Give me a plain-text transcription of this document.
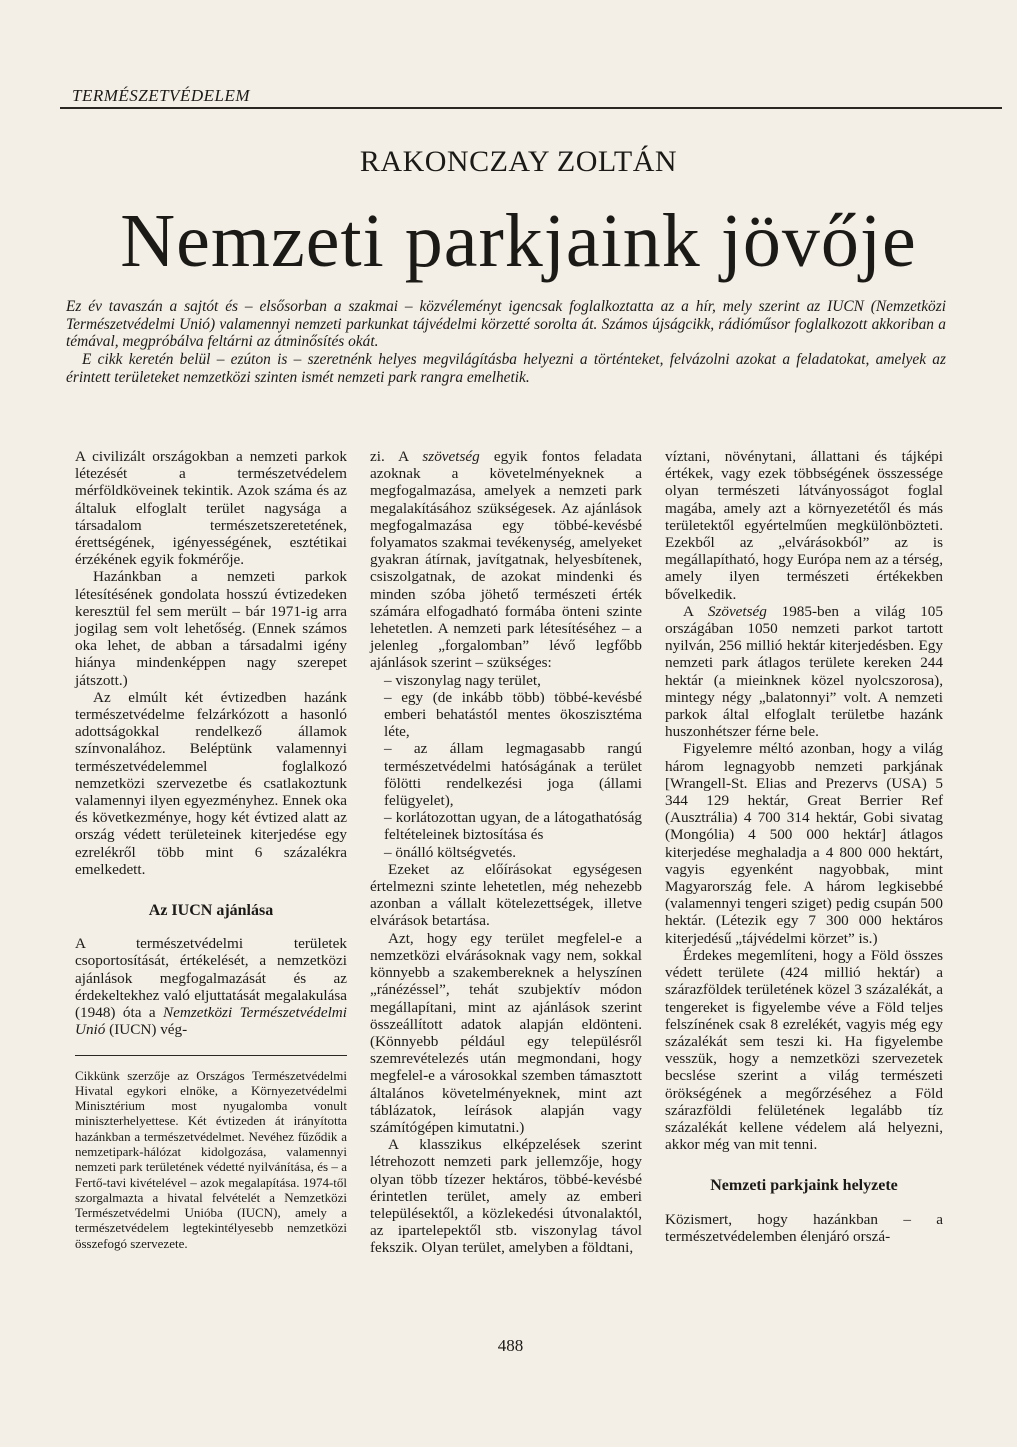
TERMÉSZETVÉDELEM
RAKONCZAY ZOLTÁN
Nemzeti parkjaink jövője

Ez év tavaszán a sajtót és – elsősorban a szakmai – közvéleményt igencsak foglalkoztatta az a hír, mely szerint az IUCN (Nemzetközi Természetvédelmi Unió) valamennyi nemzeti parkunkat tájvédelmi körzetté sorolta át. Számos újságcikk, rádióműsor foglalkozott akkoriban a témával, megpróbálva feltárni az átminősítés okát.

E cikk keretén belül – ezúton is – szeretnénk helyes megvilágításba helyezni a történteket, felvázolni azokat a feladatokat, amelyek az érintett területeket nemzetközi szinten ismét nemzeti park rangra emelhetik.

A civilizált országokban a nemzeti parkok létezését a természetvédelem mérföldköveinek tekintik. Azok száma és az általuk elfoglalt terület nagysága a társadalom természetszeretetének, érettségének, igényességének, esztétikai érzékének egyik fokmérője.

Hazánkban a nemzeti parkok létesítésének gondolata hosszú évtizedeken keresztül fel sem merült – bár 1971-ig arra jogilag sem volt lehetőség. (Ennek számos oka lehet, de abban a társadalmi igény hiánya mindenképpen nagy szerepet játszott.)

Az elmúlt két évtizedben hazánk természetvédelme felzárkózott a hasonló adottságokkal rendelkező államok színvonalához. Beléptünk valamennyi természetvédelemmel foglalkozó nemzetközi szervezetbe és csatlakoztunk valamennyi ilyen egyezményhez. Ennek oka és következménye, hogy két évtized alatt az ország védett területeinek kiterjedése egy ezrelékről több mint 6 százalékra emelkedett.

Az IUCN ajánlása

A természetvédelmi területek csoportosítását, értékelését, a nemzetközi ajánlások megfogalmazását és az érdekeltekhez való eljuttatását megalakulása (1948) óta a Nemzetközi Természetvédelmi Unió (IUCN) vég-

Cikkünk szerzője az Országos Természetvédelmi Hivatal egykori elnöke, a Környezetvédelmi Minisztérium most nyugalomba vonult miniszterhelyettese. Két évtizeden át irányította hazánkban a természetvédelmet. Nevéhez fűződik a nemzetipark-hálózat kidolgozása, valamennyi nemzeti park területének védetté nyilvánítása, és – a Fertő-tavi kivételével – azok megalapítása. 1974-től szorgalmazta a hivatal felvételét a Nemzetközi Természetvédelmi Unióba (IUCN), amely a természetvédelem legtekintélyesebb nemzetközi összefogó szervezete.

zi. A szövetség egyik fontos feladata azoknak a követelményeknek a megfogalmazása, amelyek a nemzeti park megalakításához szükségesek. Az ajánlások megfogalmazása egy többé-kevésbé folyamatos szakmai tevékenység, amelyeket gyakran átírnak, javítgatnak, helyesbítenek, csiszolgatnak, de azokat mindenki és minden szóba jöhető természeti érték számára elfogadható formába önteni szinte lehetetlen. A nemzeti park létesítéséhez – a jelenleg „forgalomban” lévő legfőbb ajánlások szerint – szükséges:

– viszonylag nagy terület,

– egy (de inkább több) többé-kevésbé emberi behatástól mentes ökoszisztéma léte,

– az állam legmagasabb rangú természetvédelmi hatóságának a terület fölötti rendelkezési joga (állami felügyelet),

– korlátozottan ugyan, de a látogathatóság feltételeinek biztosítása és

– önálló költségvetés.

Ezeket az előírásokat egységesen értelmezni szinte lehetetlen, még nehezebb azonban a vállalt kötelezettségek, illetve elvárások betartása.

Azt, hogy egy terület megfelel-e a nemzetközi elvárásoknak vagy nem, sokkal könnyebb a szakembereknek a helyszínen „ránézéssel”, tehát szubjektív módon megállapítani, mint az ajánlások szerint összeállított adatok alapján eldönteni. (Könnyebb például egy településről szemrevételezés után megmondani, hogy megfelel-e a városokkal szemben támasztott általános követelményeknek, mint azt táblázatok, leírások alapján vagy számítógépen kimutatni.)

A klasszikus elképzelések szerint létrehozott nemzeti park jellemzője, hogy olyan több tízezer hektáros, többé-kevésbé érintetlen terület, amely az emberi településektől, a közlekedési útvonalaktól, az ipartelepektől stb. viszonylag távol fekszik. Olyan terület, amelyben a földtani,

víztani, növénytani, állattani és tájképi értékek, vagy ezek többségének összessége olyan természeti látványosságot foglal magába, amely azt a környezetétől és más területektől egyértelműen megkülönbözteti. Ezekből az „elvárásokból” az is megállapítható, hogy Európa nem az a térség, amely ilyen természeti értékekben bővelkedik.

A Szövetség 1985-ben a világ 105 országában 1050 nemzeti parkot tartott nyilván, 256 millió hektár kiterjedésben. Egy nemzeti park átlagos területe kereken 244 hektár (a mieinknek közel nyolcszorosa), mintegy négy „balatonnyi” volt. A nemzeti parkok által elfoglalt területbe hazánk huszonhétszer férne bele.

Figyelemre méltó azonban, hogy a világ három legnagyobb nemzeti parkjának [Wrangell-St. Elias and Prezervs (USA) 5 344 129 hektár, Great Berrier Ref (Ausztrália) 4 700 314 hektár, Gobi sivatag (Mongólia) 4 500 000 hektár] átlagos kiterjedése meghaladja a 4 800 000 hektárt, vagyis egyenként nagyobbak, mint Magyarország fele. A három legkisebbé (valamennyi tengeri sziget) pedig csupán 500 hektár. (Létezik egy 7 300 000 hektáros kiterjedésű „tájvédelmi körzet” is.)

Érdekes megemlíteni, hogy a Föld összes védett területe (424 millió hektár) a szárazföldek területének közel 3 százalékát, a tengereket is figyelembe véve a Föld teljes felszínének csak 8 ezrelékét, vagyis még egy százalékát sem teszi ki. Ha figyelembe vesszük, hogy a nemzetközi szervezetek becslése szerint a világ természeti örökségének a megőrzéséhez a Föld szárazföldi felületének legalább tíz százalékát kellene védelem alá helyezni, akkor még van mit tenni.

Nemzeti parkjaink helyzete

Közismert, hogy hazánkban – a természetvédelemben élenjáró orszá-

488
